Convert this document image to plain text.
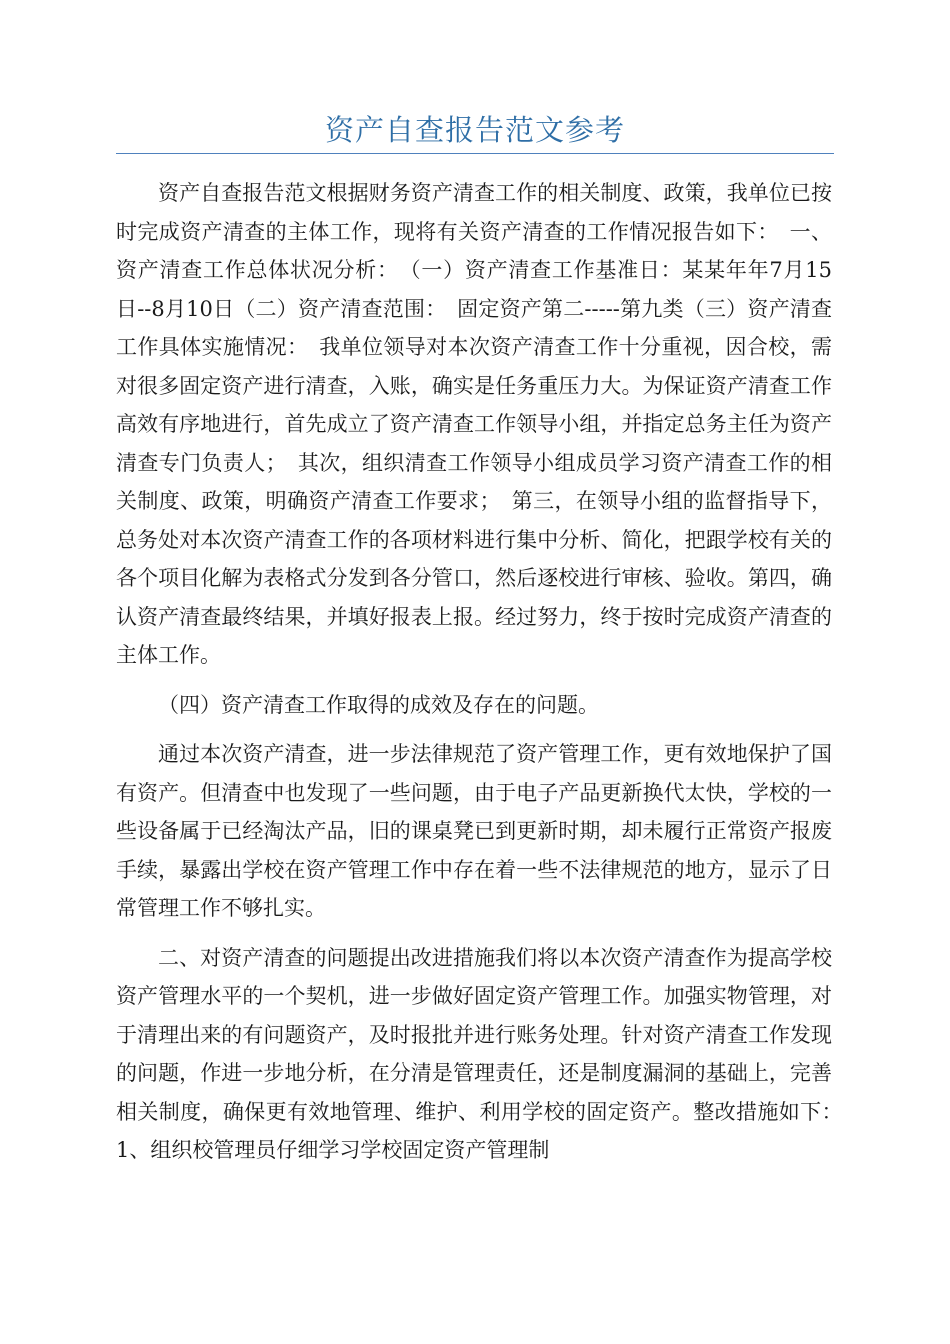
资产自查报告范文参考

资产自查报告范文根据财务资产清查工作的相关制度、政策，我单位已按时完成资产清查的主体工作，现将有关资产清查的工作情况报告如下：　一、资产清查工作总体状况分析：　（一）资产清查工作基准日：某某年年7月15日--8月10日（二）资产清查范围：　固定资产第二-----第九类（三）资产清查工作具体实施情况：　我单位领导对本次资产清查工作十分重视，因合校，需对很多固定资产进行清查，入账，确实是任务重压力大。为保证资产清查工作高效有序地进行，首先成立了资产清查工作领导小组，并指定总务主任为资产清查专门负责人；　其次，组织清查工作领导小组成员学习资产清查工作的相关制度、政策，明确资产清查工作要求；　第三，在领导小组的监督指导下，总务处对本次资产清查工作的各项材料进行集中分析、简化，把跟学校有关的各个项目化解为表格式分发到各分管口，然后逐校进行审核、验收。第四，确认资产清查最终结果，并填好报表上报。经过努力，终于按时完成资产清查的主体工作。

（四）资产清查工作取得的成效及存在的问题。

通过本次资产清查，进一步法律规范了资产管理工作，更有效地保护了国有资产。但清查中也发现了一些问题，由于电子产品更新换代太快，学校的一些设备属于已经淘汰产品，旧的课桌凳已到更新时期，却未履行正常资产报废手续，暴露出学校在资产管理工作中存在着一些不法律规范的地方，显示了日常管理工作不够扎实。

二、对资产清查的问题提出改进措施我们将以本次资产清查作为提高学校资产管理水平的一个契机，进一步做好固定资产管理工作。加强实物管理，对于清理出来的有问题资产，及时报批并进行账务处理。针对资产清查工作发现的问题，作进一步地分析，在分清是管理责任，还是制度漏洞的基础上，完善相关制度，确保更有效地管理、维护、利用学校的固定资产。整改措施如下：　1、组织校管理员仔细学习学校固定资产管理制
